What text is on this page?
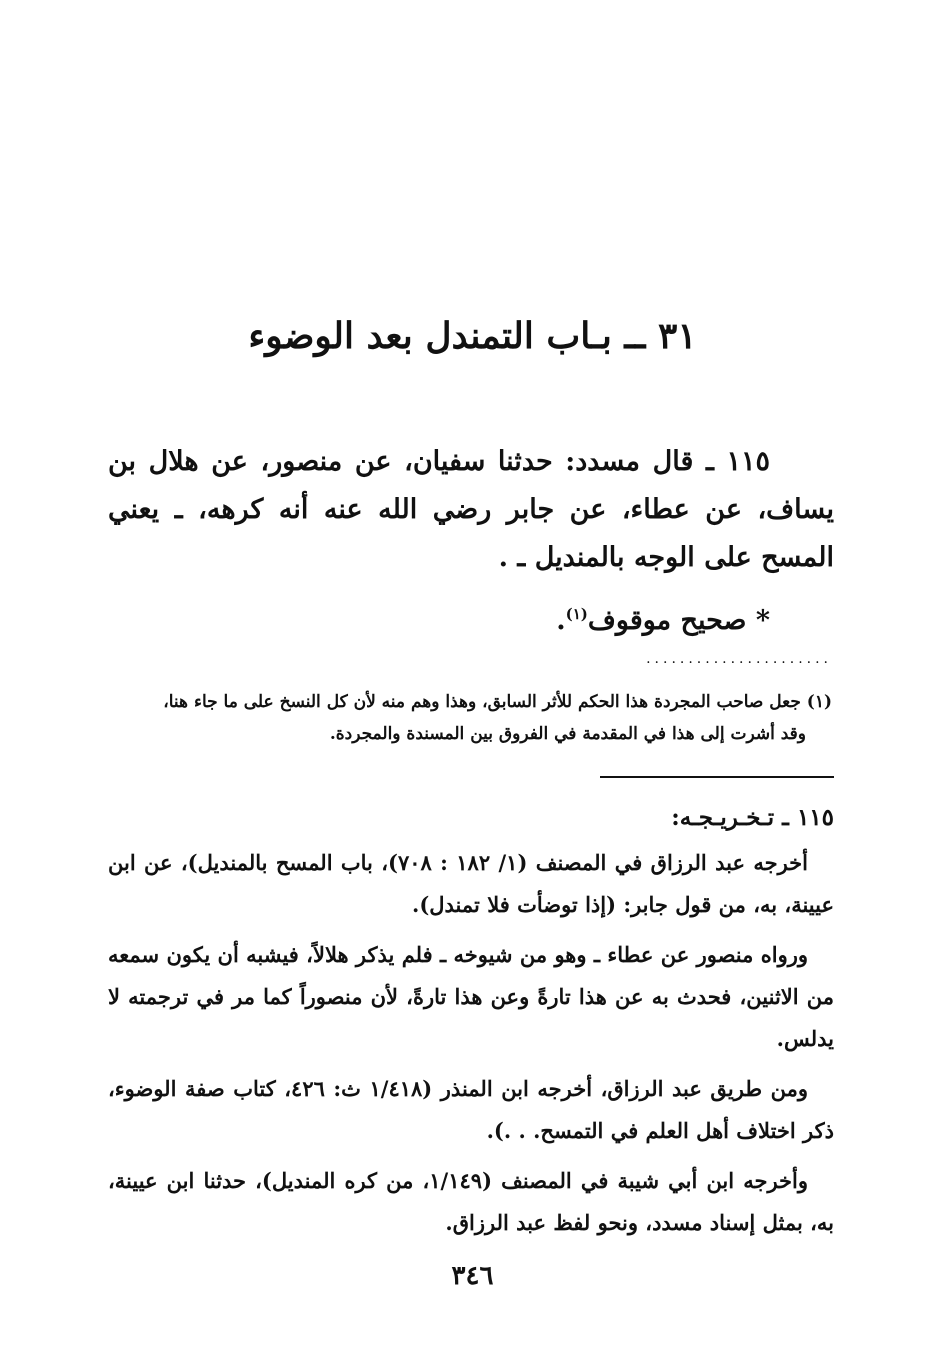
٣١ ــ بـاب التمندل بعد الوضوء

١١٥ ـ قال مسدد: حدثنا سفيان، عن منصور، عن هلال بن يساف، عن عطاء، عن جابر رضي الله عنه أنه كرهه، ـ يعني المسح على الوجه بالمنديل ـ .

* صحيح موقوف$^{(١)}$.
......................
(١) جعل صاحب المجردة هذا الحكم للأثر السابق، وهذا وهم منه لأن كل النسخ على ما جاء هنا،
وقد أشرت إلى هذا في المقدمة في الفروق بين المسندة والمجردة.
١١٥ ـ تـخـريـجـه:

أخرجه عبد الرزاق في المصنف (١/ ١٨٢ : ٧٠٨)، باب المسح بالمنديل)، عن ابن عيينة، به، من قول جابر: (إذا توضأت فلا تمندل).

ورواه منصور عن عطاء ـ وهو من شيوخه ـ فلم يذكر هلالاً، فيشبه أن يكون سمعه من الاثنين، فحدث به عن هذا تارةً وعن هذا تارةً، لأن منصوراً كما مر في ترجمته لا يدلس.

ومن طريق عبد الرزاق، أخرجه ابن المنذر (١/٤١٨ ث: ٤٢٦، كتاب صفة الوضوء، ذكر اختلاف أهل العلم في التمسح. . .).

وأخرجه ابن أبي شيبة في المصنف (١/١٤٩، من كره المنديل)، حدثنا ابن عيينة، به، بمثل إسناد مسدد، ونحو لفظ عبد الرزاق.

٣٤٦
